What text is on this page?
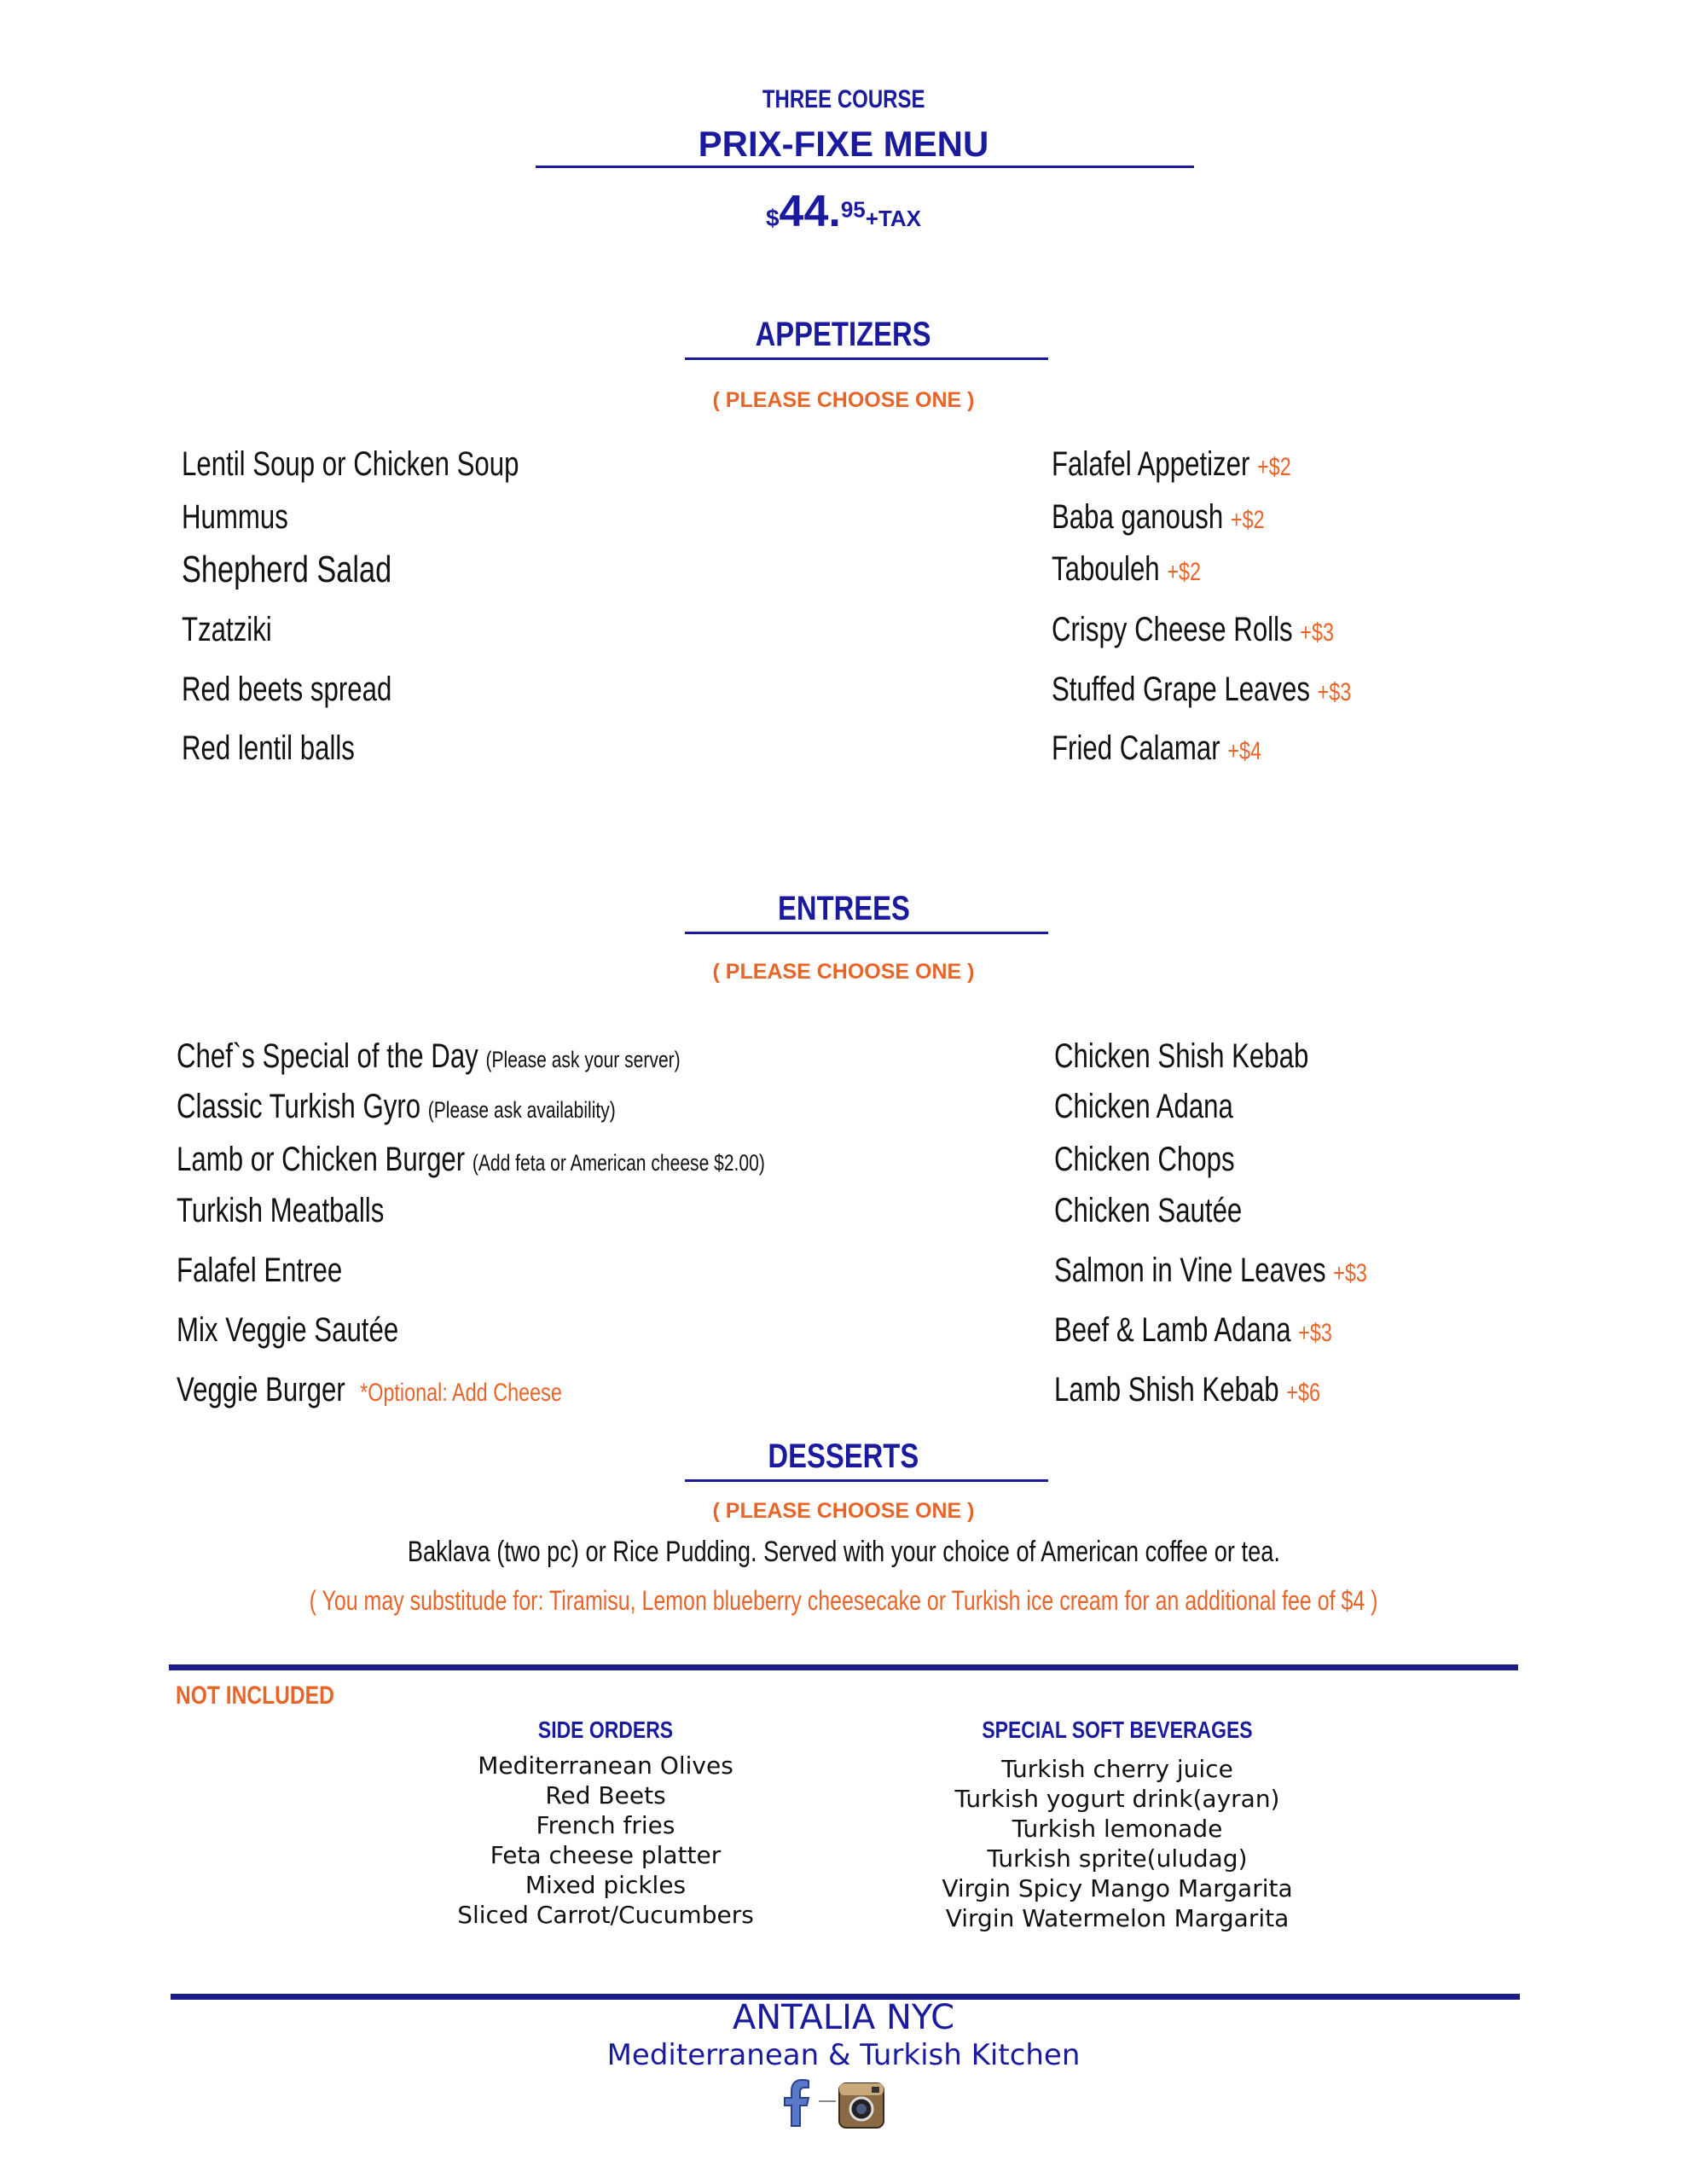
THREE COURSE
PRIX-FIXE MENU
$44.95+TAX
APPETIZERS
( PLEASE CHOOSE ONE )
Lentil Soup or Chicken Soup
Hummus
Shepherd Salad
Tzatziki
Red beets spread
Red lentil balls
Falafel Appetizer +$2
Baba ganoush +$2
Tabouleh +$2
Crispy Cheese Rolls +$3
Stuffed Grape Leaves +$3
Fried Calamar +$4
ENTREES
( PLEASE CHOOSE ONE )
Chef`s Special of the Day (Please ask your server)
Classic Turkish Gyro (Please ask availability)
Lamb or Chicken Burger (Add feta or American cheese $2.00)
Turkish Meatballs
Falafel Entree
Mix Veggie Sautée
Veggie Burger *Optional: Add Cheese
Chicken Shish Kebab
Chicken Adana
Chicken Chops
Chicken Sautée
Salmon in Vine Leaves +$3
Beef & Lamb Adana +$3
Lamb Shish Kebab +$6
DESSERTS
( PLEASE CHOOSE ONE )
Baklava (two pc) or Rice Pudding. Served with your choice of American coffee or tea.
( You may substitude for: Tiramisu, Lemon blueberry cheesecake or Turkish ice cream for an additional fee of $4 )
NOT INCLUDED
SIDE ORDERS
Mediterranean Olives
Red Beets
French fries
Feta cheese platter
Mixed pickles
Sliced Carrot/Cucumbers
SPECIAL SOFT BEVERAGES
Turkish cherry juice
Turkish yogurt drink(ayran)
Turkish lemonade
Turkish sprite(uludag)
Virgin Spicy Mango Margarita
Virgin Watermelon Margarita
ANTALIA NYC
Mediterranean & Turkish Kitchen
